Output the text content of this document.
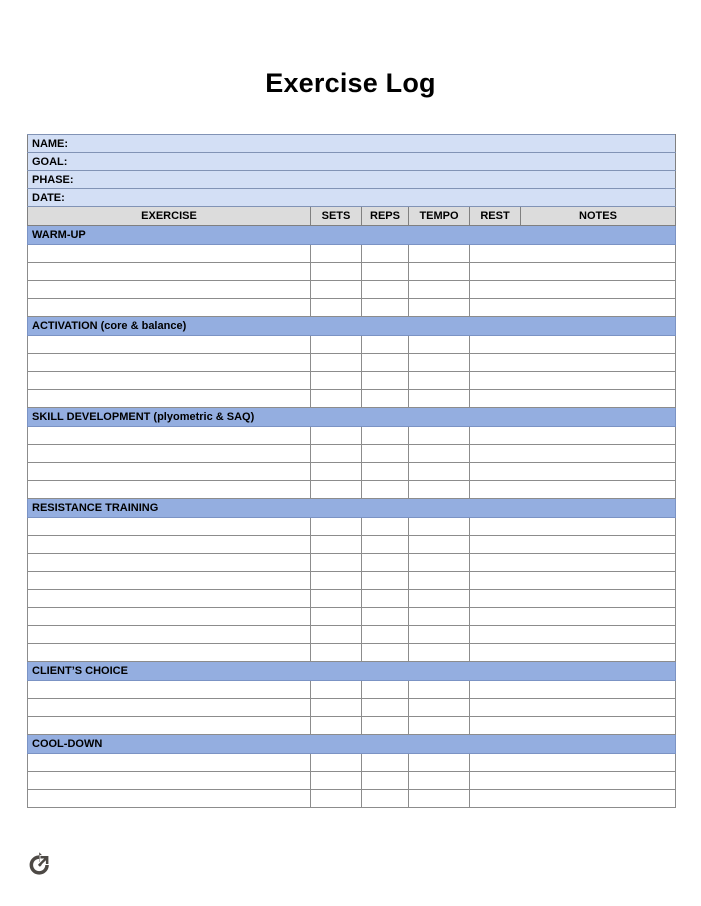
Exercise Log
NAME:					
GOAL:					
PHASE:					
DATE:					
EXERCISE	SETS	REPS	TEMPO	REST	NOTES
WARM-UP					

ACTIVATION (core & balance)					

SKILL DEVELOPMENT (plyometric & SAQ)					

RESISTANCE TRAINING					

CLIENT’S CHOICE					

COOL-DOWN					
